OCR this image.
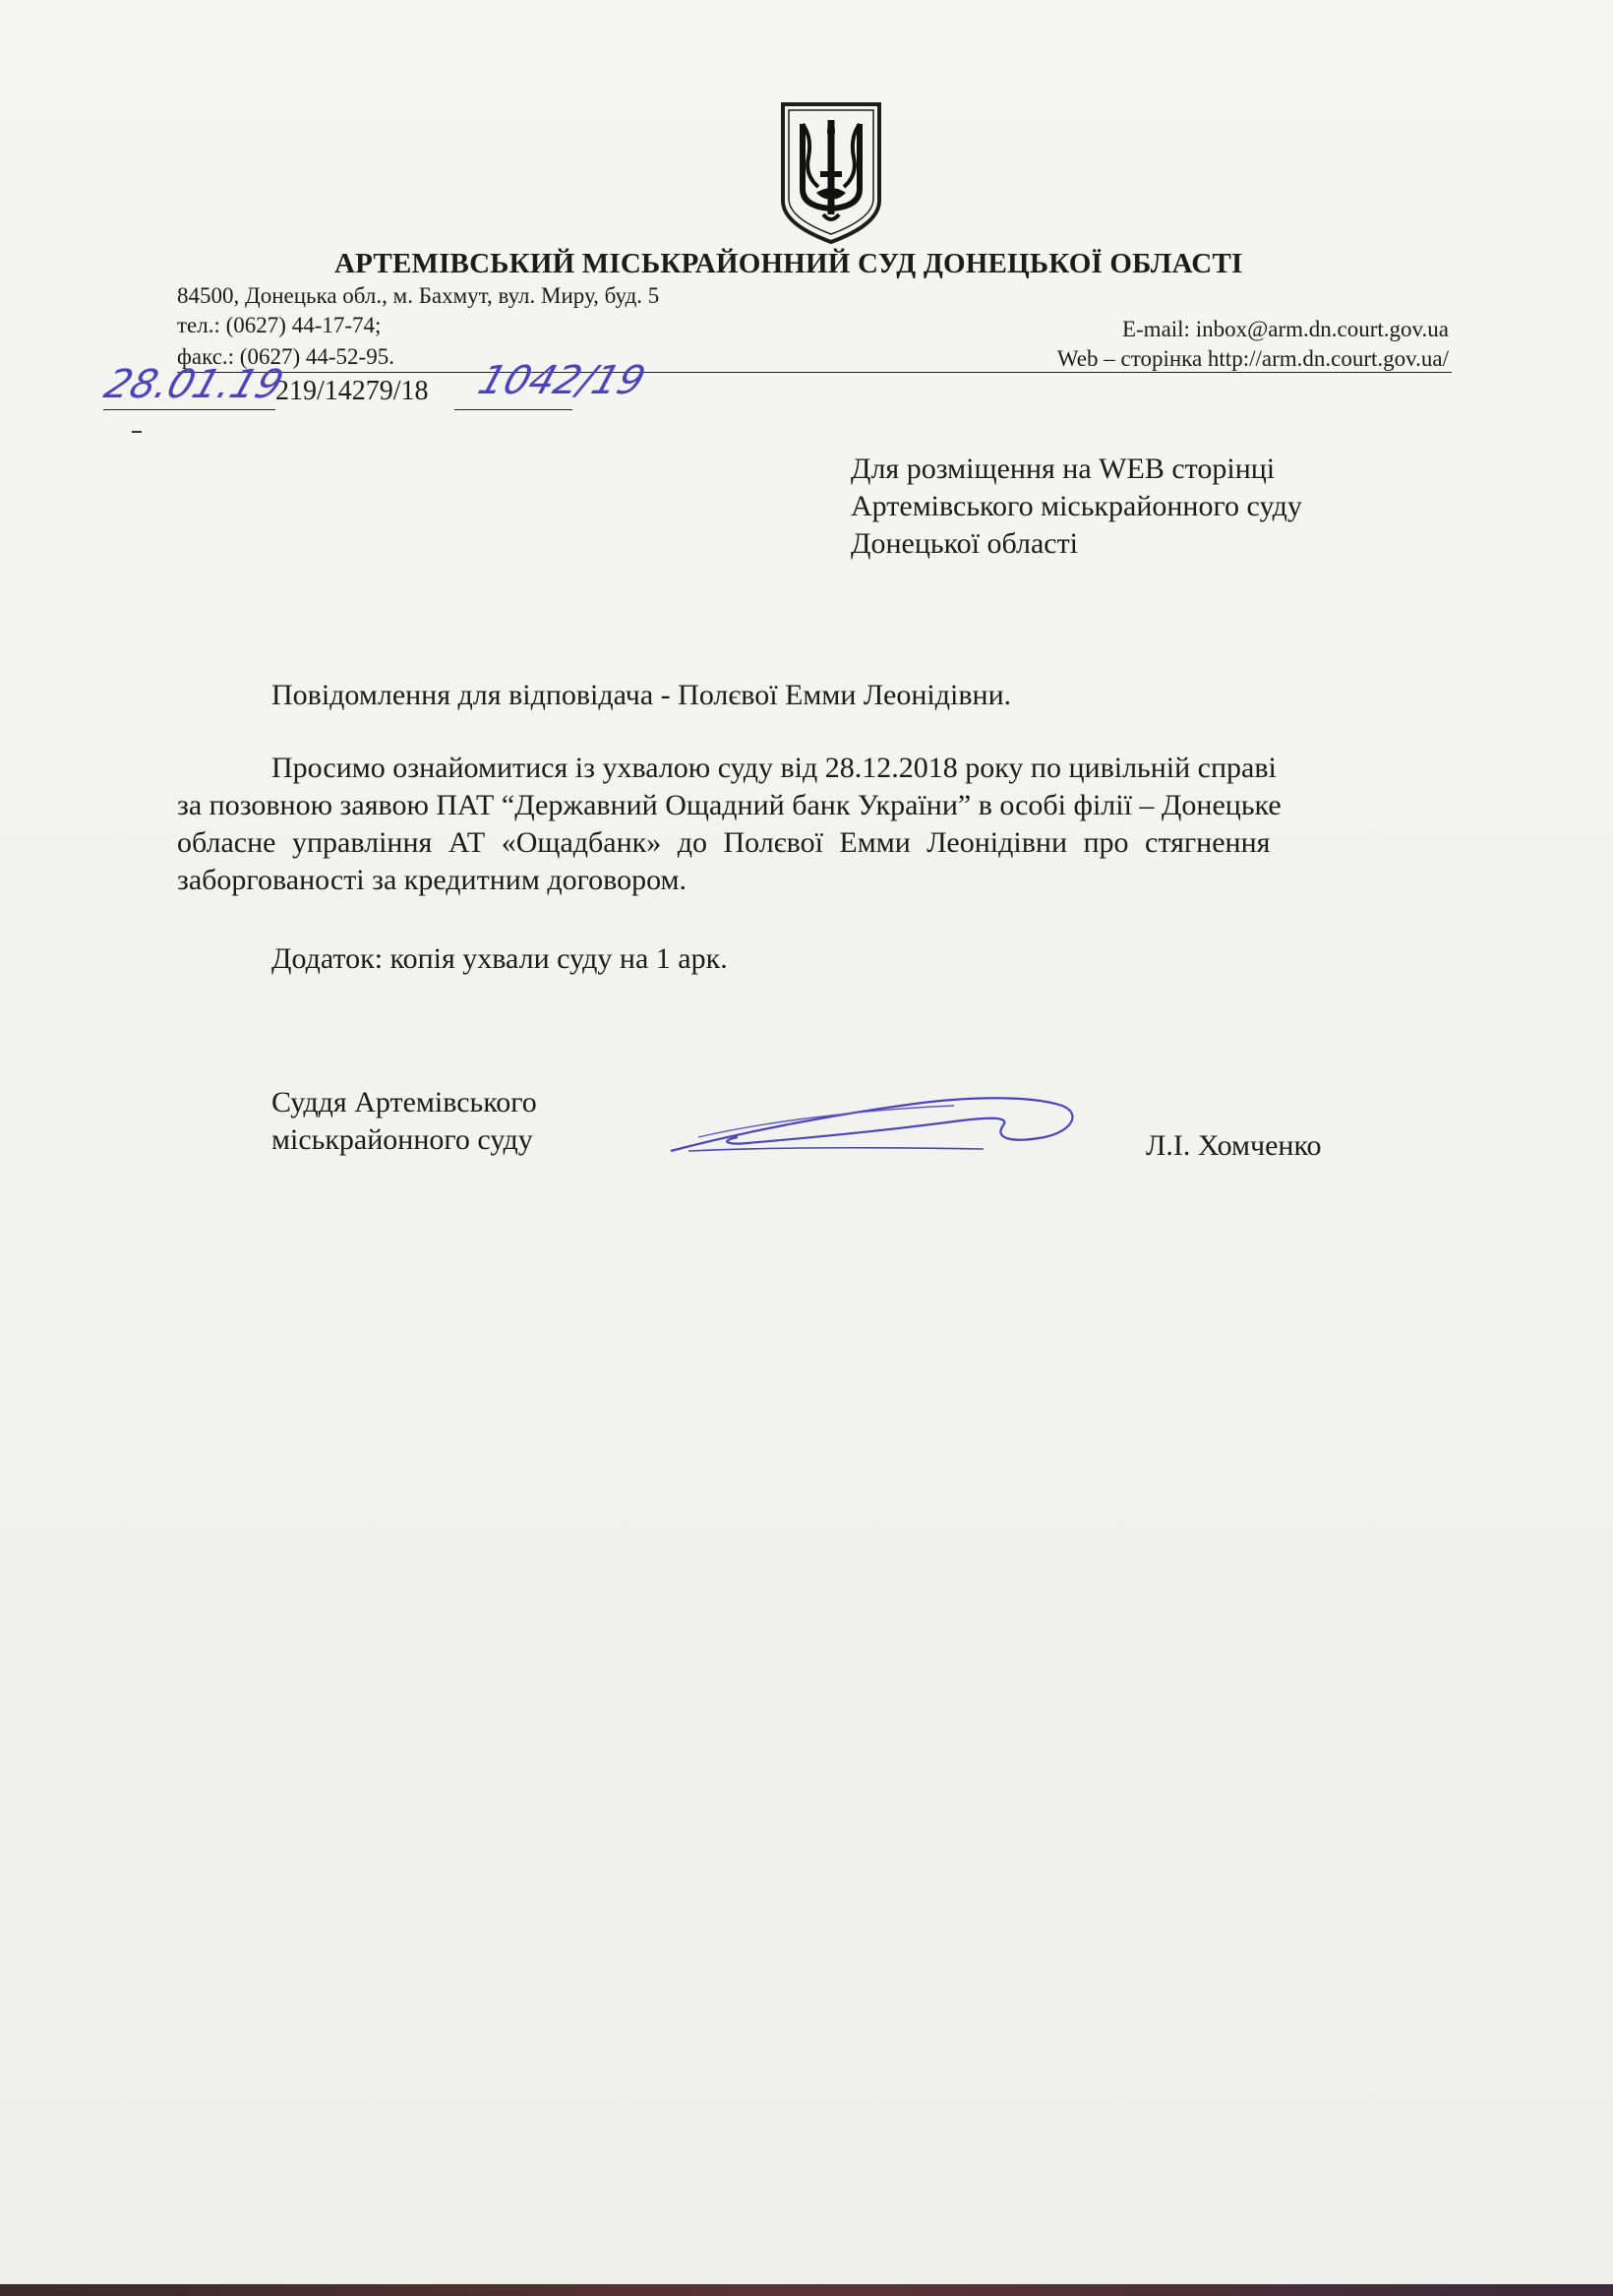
АРТЕМІВСЬКИЙ МІСЬКРАЙОННИЙ СУД ДОНЕЦЬКОЇ ОБЛАСТІ
84500, Донецька обл., м. Бахмут, вул. Миру, буд. 5
тел.: (0627) 44-17-74;
факс.: (0627) 44-52-95.
E-mail: inbox@arm.dn.court.gov.ua
Web – сторінка http://arm.dn.court.gov.ua/
219/14279/18
28.01.19	1042/19
Для розміщення на WEB сторінці
Артемівського міськрайонного суду
Донецької області
Повідомлення для відповідача - Полєвої Емми Леонідівни.
Просимо ознайомитися із ухвалою суду від 28.12.2018 року по цивільній справі
за позовною заявою ПАТ “Державний Ощадний банк України” в особі філії – Донецьке
обласне управління АТ «Ощадбанк» до Полєвої Емми Леонідівни про стягнення
заборгованості за кредитним договором.
Додаток: копія ухвали суду на 1 арк.
Суддя Артемівського
міськрайонного суду	Л.І. Хомченко
